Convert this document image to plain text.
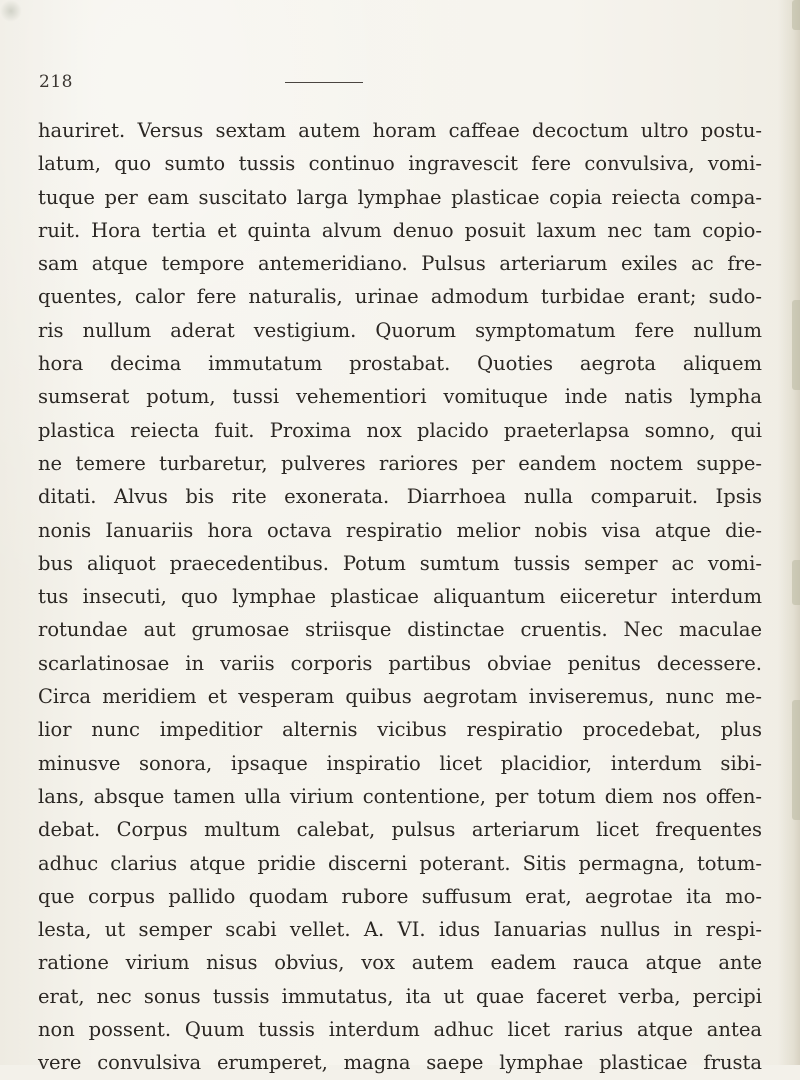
218
hauriret. Versus sextam autem horam caffeae decoctum ultro postu-
latum, quo sumto tussis continuo ingravescit fere convulsiva, vomi-
tuque per eam suscitato larga lymphae plasticae copia reiecta compa-
ruit. Hora tertia et quinta alvum denuo posuit laxum nec tam copio-
sam atque tempore antemeridiano. Pulsus arteriarum exiles ac fre-
quentes, calor fere naturalis, urinae admodum turbidae erant; sudo-
ris nullum aderat vestigium. Quorum symptomatum fere nullum
hora decima immutatum prostabat. Quoties aegrota aliquem
sumserat potum, tussi vehementiori vomituque inde natis lympha
plastica reiecta fuit. Proxima nox placido praeterlapsa somno, qui
ne temere turbaretur, pulveres rariores per eandem noctem suppe-
ditati. Alvus bis rite exonerata. Diarrhoea nulla comparuit. Ipsis
nonis Ianuariis hora octava respiratio melior nobis visa atque die-
bus aliquot praecedentibus. Potum sumtum tussis semper ac vomi-
tus insecuti, quo lymphae plasticae aliquantum eiiceretur interdum
rotundae aut grumosae striisque distinctae cruentis. Nec maculae
scarlatinosae in variis corporis partibus obviae penitus decessere.
Circa meridiem et vesperam quibus aegrotam inviseremus, nunc me-
lior nunc impeditior alternis vicibus respiratio procedebat, plus
minusve sonora, ipsaque inspiratio licet placidior, interdum sibi-
lans, absque tamen ulla virium contentione, per totum diem nos offen-
debat. Corpus multum calebat, pulsus arteriarum licet frequentes
adhuc clarius atque pridie discerni poterant. Sitis permagna, totum-
que corpus pallido quodam rubore suffusum erat, aegrotae ita mo-
lesta, ut semper scabi vellet. A. VI. idus Ianuarias nullus in respi-
ratione virium nisus obvius, vox autem eadem rauca atque ante
erat, nec sonus tussis immutatus, ita ut quae faceret verba, percipi
non possent. Quum tussis interdum adhuc licet rarius atque antea
vere convulsiva erumperet, magna saepe lymphae plasticae frusta
